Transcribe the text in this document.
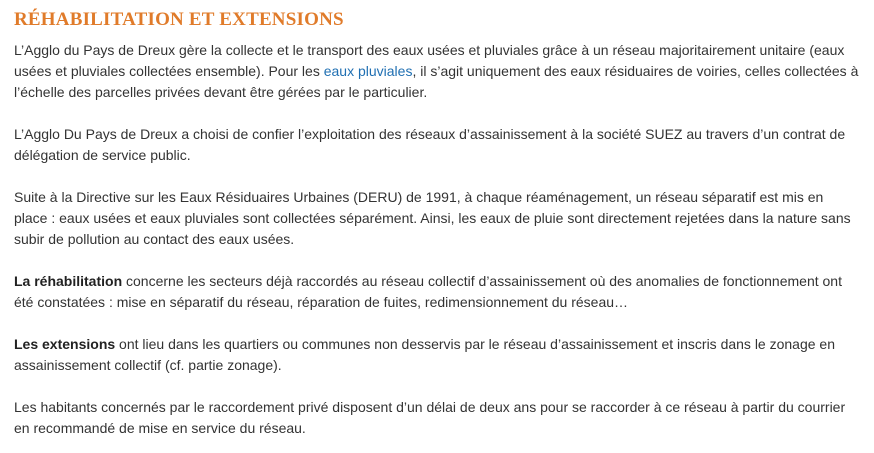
RÉHABILITATION ET EXTENSIONS

L’Agglo du Pays de Dreux gère la collecte et le transport des eaux usées et pluviales grâce à un réseau majoritairement unitaire (eaux usées et pluviales collectées ensemble). Pour les eaux pluviales, il s’agit uniquement des eaux résiduaires de voiries, celles collectées à l’échelle des parcelles privées devant être gérées par le particulier.

L’Agglo Du Pays de Dreux a choisi de confier l’exploitation des réseaux d’assainissement à la société SUEZ au travers d’un contrat de délégation de service public.

Suite à la Directive sur les Eaux Résiduaires Urbaines (DERU) de 1991, à chaque réaménagement, un réseau séparatif est mis en place : eaux usées et eaux pluviales sont collectées séparément. Ainsi, les eaux de pluie sont directement rejetées dans la nature sans subir de pollution au contact des eaux usées.

La réhabilitation concerne les secteurs déjà raccordés au réseau collectif d’assainissement où des anomalies de fonctionnement ont été constatées : mise en séparatif du réseau, réparation de fuites, redimensionnement du réseau…

Les extensions ont lieu dans les quartiers ou communes non desservis par le réseau d’assainissement et inscris dans le zonage en assainissement collectif (cf. partie zonage).

Les habitants concernés par le raccordement privé disposent d’un délai de deux ans pour se raccorder à ce réseau à partir du courrier en recommandé de mise en service du réseau.
